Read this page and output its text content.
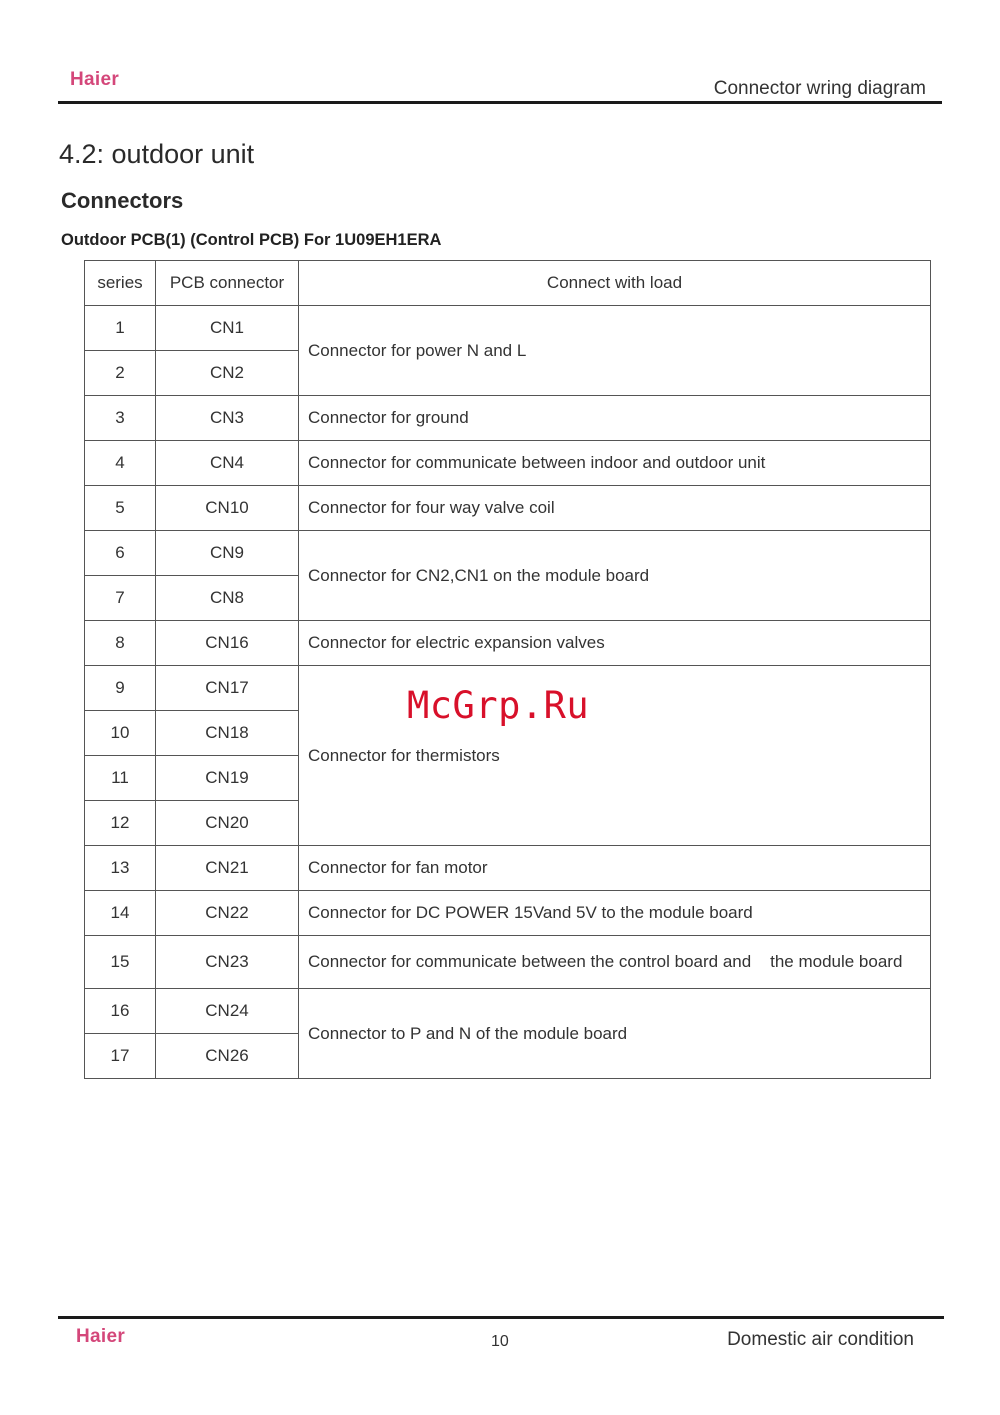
Haier	Connector wring diagram
4.2: outdoor unit
Connectors
Outdoor PCB(1) (Control PCB) For 1U09EH1ERA
series	PCB connector	Connect with load
1	CN1	Connector for power N and L
2	CN2	
3	CN3	Connector for ground
4	CN4	Connector for communicate between indoor and outdoor unit
5	CN10	Connector for four way valve coil
6	CN9	Connector for CN2,CN1 on the module board
7	CN8	
8	CN16	Connector for electric expansion valves
9	CN17	Connector for thermistors
10	CN18	
11	CN19	
12	CN20	
13	CN21	Connector for fan motor
14	CN22	Connector for DC POWER 15Vand 5V to the module board
15	CN23	Connector for communicate between the control board and    the module board
16	CN24	Connector to P and N of the module board
17	CN26	
McGrp.Ru
Haier	10	Domestic air condition
